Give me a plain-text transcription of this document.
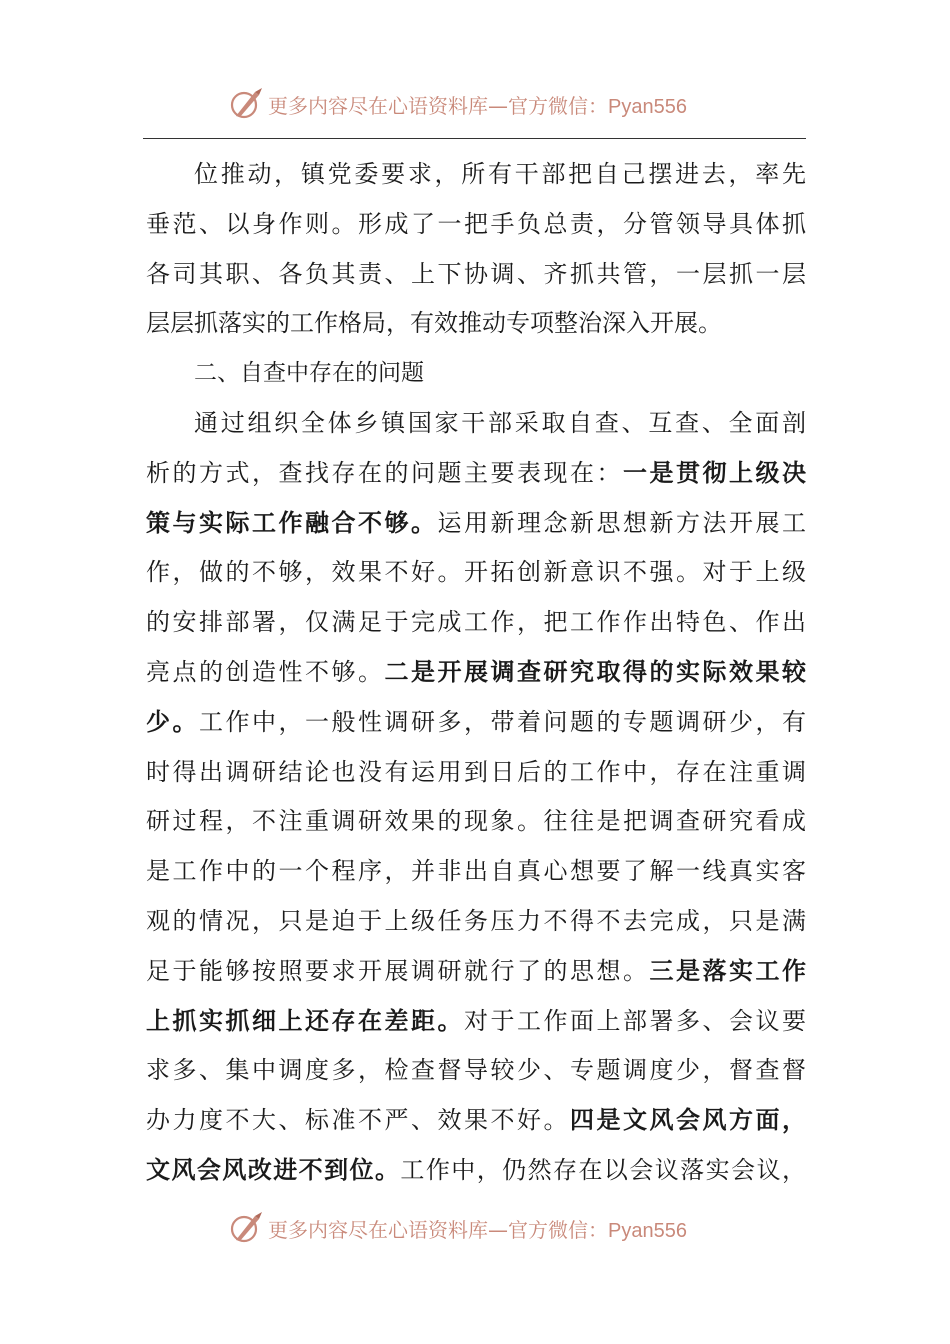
更多内容尽在心语资料库—官方微信：Pyan556
位推动，镇党委要求，所有干部把自己摆进去，率先
垂范、以身作则。形成了一把手负总责，分管领导具体抓
各司其职、各负其责、上下协调、齐抓共管，一层抓一层
层层抓落实的工作格局，有效推动专项整治深入开展。
二、自查中存在的问题
通过组织全体乡镇国家干部采取自查、互查、全面剖
析的方式，查找存在的问题主要表现在：一是贯彻上级决
策与实际工作融合不够。运用新理念新思想新方法开展工
作，做的不够，效果不好。开拓创新意识不强。对于上级
的安排部署，仅满足于完成工作，把工作作出特色、作出
亮点的创造性不够。二是开展调查研究取得的实际效果较
少。工作中，一般性调研多，带着问题的专题调研少，有
时得出调研结论也没有运用到日后的工作中，存在注重调
研过程，不注重调研效果的现象。往往是把调查研究看成
是工作中的一个程序，并非出自真心想要了解一线真实客
观的情况，只是迫于上级任务压力不得不去完成，只是满
足于能够按照要求开展调研就行了的思想。三是落实工作
上抓实抓细上还存在差距。对于工作面上部署多、会议要
求多、集中调度多，检查督导较少、专题调度少，督查督
办力度不大、标准不严、效果不好。四是文风会风方面，
文风会风改进不到位。工作中，仍然存在以会议落实会议，
更多内容尽在心语资料库—官方微信：Pyan556
